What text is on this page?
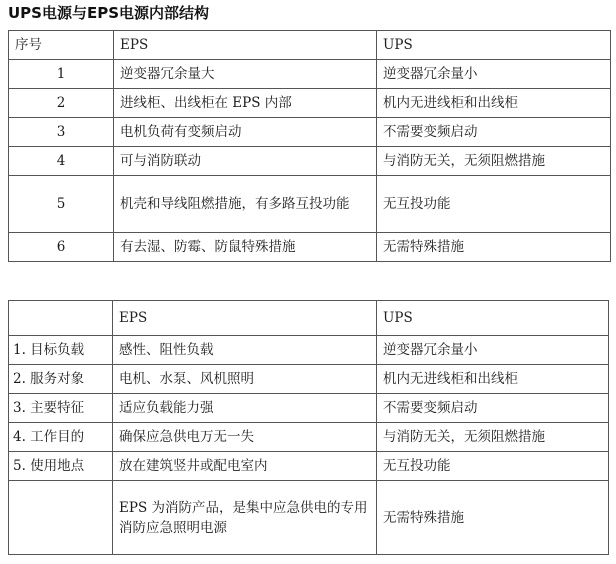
UPS电源与EPS电源内部结构
序号	EPS	UPS
1	逆变器冗余量大	逆变器冗余量小
2	进线柜、出线柜在 EPS 内部	机内无进线柜和出线柜
3	电机负荷有变频启动	不需要变频启动
4	可与消防联动	与消防无关，无须阻燃措施
5	机壳和导线阻燃措施，有多路互投功能	无互投功能
6	有去湿、防霉、防鼠特殊措施	无需特殊措施
	EPS	UPS
1. 目标负载	感性、阻性负载	逆变器冗余量小
2. 服务对象	电机、水泵、风机照明	机内无进线柜和出线柜
3. 主要特征	适应负载能力强	不需要变频启动
4. 工作目的	确保应急供电万无一失	与消防无关，无须阻燃措施
5. 使用地点	放在建筑竖井或配电室内	无互投功能
	EPS 为消防产品，是集中应急供电的专用消防应急照明电源	无需特殊措施
